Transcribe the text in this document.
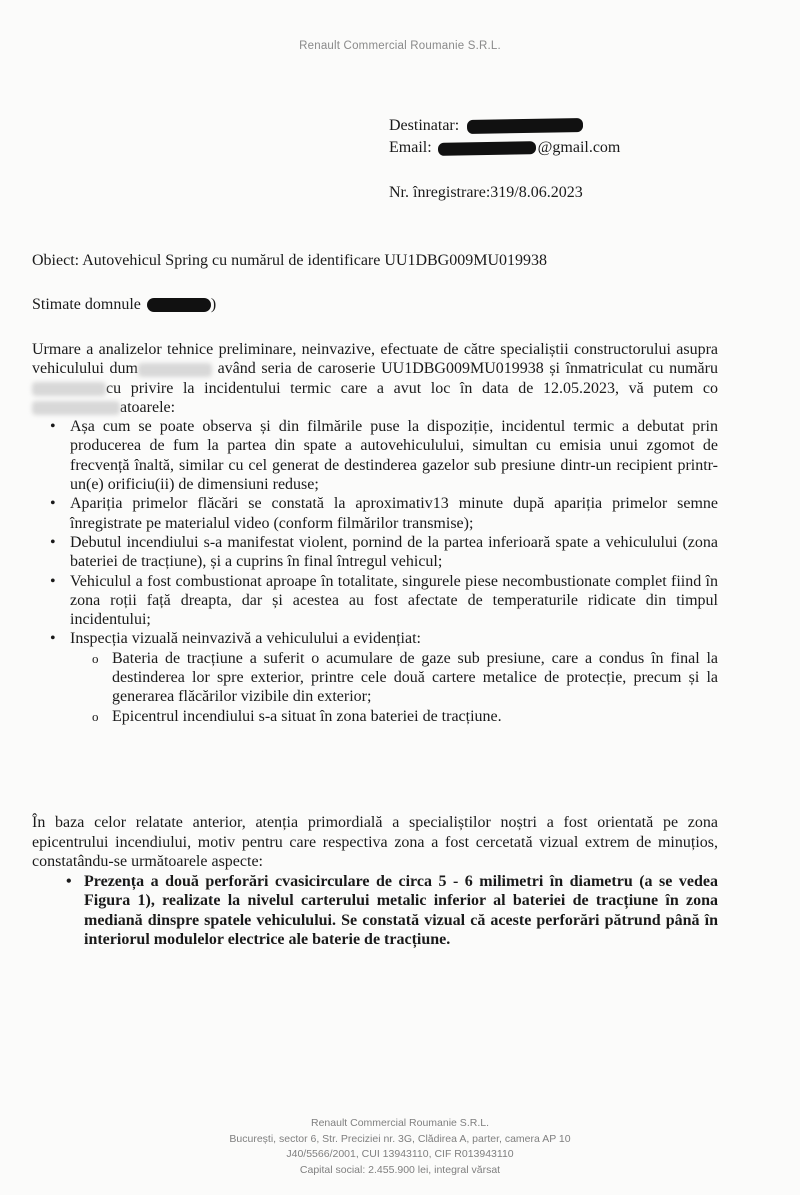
Renault Commercial Roumanie S.R.L.
Destinatar:
Email:	@gmail.com
Nr. înregistrare:319/8.06.2023
Obiect: Autovehicul Spring cu numărul de identificare UU1DBG009MU019938
Stimate domnule	)

Urmare a analizelor tehnice preliminare, neinvazive, efectuate de către specialiștii constructorului asupra vehiculului dum	având seria de caroserie UU1DBG009MU019938 și înmatriculat cu numărucu privire la incidentului termic care a avut loc în data de 12.05.2023, vă putem coatoarele:

• Așa cum se poate observa și din filmările puse la dispoziție, incidentul termic a debutat prin producerea de fum la partea din spate a autovehiculului, simultan cu emisia unui zgomot de frecvență înaltă, similar cu cel generat de destinderea gazelor sub presiune dintr-un recipient printr-un(e) orificiu(ii) de dimensiuni reduse;
• Apariția primelor flăcări se constată la aproximativ13 minute după apariția primelor semne înregistrate pe materialul video (conform filmărilor transmise);
• Debutul incendiului s-a manifestat violent, pornind de la partea inferioară spate a vehiculului (zona bateriei de tracțiune), și a cuprins în final întregul vehicul;
• Vehiculul a fost combustionat aproape în totalitate, singurele piese necombustionate complet fiind în zona roții față dreapta, dar și acestea au fost afectate de temperaturile ridicate din timpul incidentului;
• Inspecția vizuală neinvazivă a vehiculului a evidențiat:
o Bateria de tracțiune a suferit o acumulare de gaze sub presiune, care a condus în final la destinderea lor spre exterior, printre cele două cartere metalice de protecție, precum și la generarea flăcărilor vizibile din exterior;
o Epicentrul incendiului s-a situat în zona bateriei de tracțiune.

În baza celor relatate anterior, atenția primordială a specialiștilor noștri a fost orientată pe zona epicentrului incendiului, motiv pentru care respectiva zona a fost cercetată vizual extrem de minuțios, constatându-se următoarele aspecte:

• Prezența a două perforări cvasicirculare de circa 5 - 6 milimetri în diametru (a se vedea Figura 1), realizate la nivelul carterului metalic inferior al bateriei de tracțiune în zona mediană dinspre spatele vehiculului. Se constată vizual că aceste perforări pătrund până în interiorul modulelor electrice ale baterie de tracțiune.

Renault Commercial Roumanie S.R.L.
București, sector 6, Str. Preciziei nr. 3G, Clădirea A, parter, camera AP 10
J40/5566/2001, CUI 13943110, CIF R013943110
Capital social: 2.455.900 lei, integral vărsat
